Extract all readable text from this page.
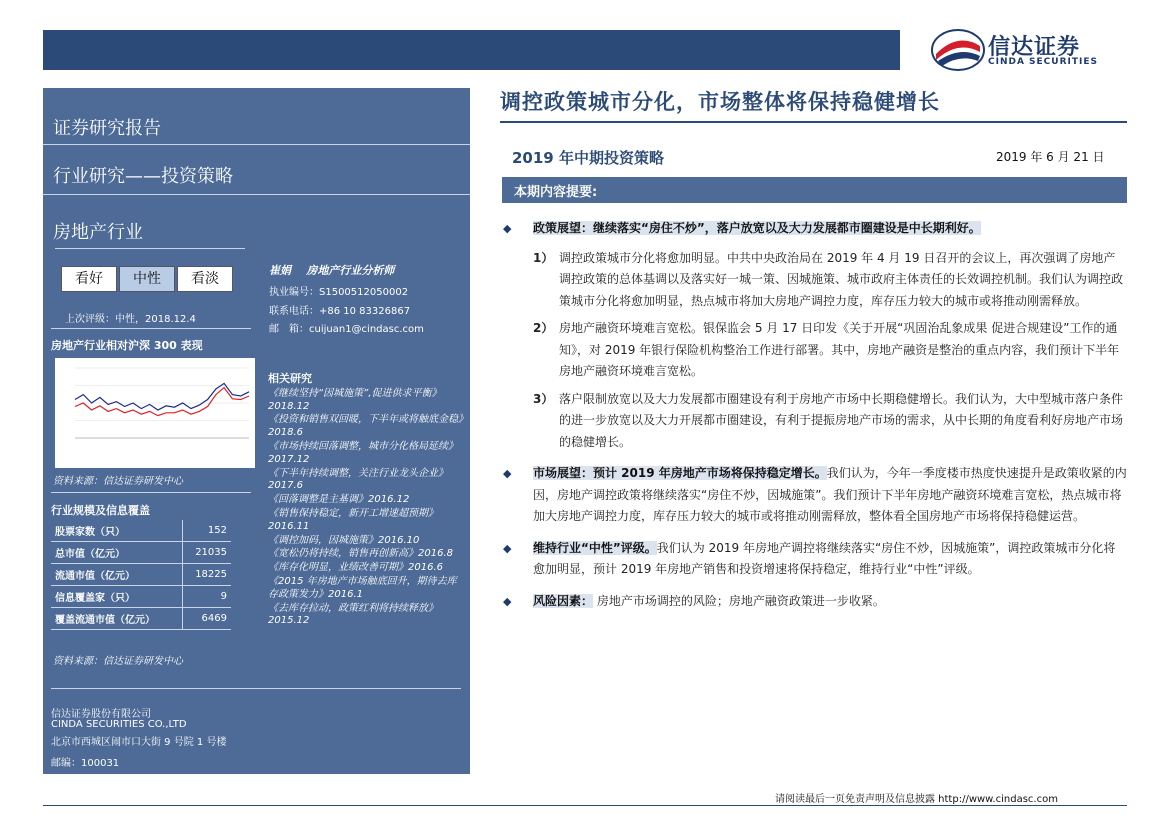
信达证券
CINDA SECURITIES
证券研究报告
行业研究——投资策略
房地产行业
看好	中性	看淡
上次评级：中性，2018.12.4
房地产行业相对沪深 300 表现
资料来源：信达证券研发中心
行业规模及信息覆盖
股票家数（只）	152
总市值（亿元）	21035
流通市值（亿元）	18225
信息覆盖家（只）	9
覆盖流通市值（亿元）	6469
资料来源：信达证券研发中心
崔娟 房地产行业分析师
执业编号：S1500512050002
联系电话：+86 10 83326867
邮　箱：cuijuan1@cindasc.com
相关研究
《继续坚持“因城施策”,促进供求平衡》2018.12
《投资和销售双回暖，下半年或将触底金稳》2018.6
《市场持续回落调整，城市分化格局延续》2017.12
《下半年持续调整，关注行业龙头企业》2017.6
《回落调整是主基调》2016.12
《销售保持稳定，新开工增速超预期》2016.11
《调控加码，因城施策》2016.10
《宽松仍将持续，销售再创新高》2016.8
《库存化明显，业绩改善可期》2016.6
《2015 年房地产市场触底回升，期待去库存政策发力》2016.1
《去库存拉动，政策红利将持续释放》2015.12
信达证券股份有限公司
CINDA SECURITIES CO.,LTD
北京市西城区闹市口大街 9 号院 1 号楼
邮编：100031
调控政策城市分化，市场整体将保持稳健增长
2019 年中期投资策略	2019 年 6 月 21 日
本期内容提要:
◆ 政策展望：继续落实“房住不炒”，落户放宽以及大力发展都市圈建设是中长期利好。
1） 调控政策城市分化将愈加明显。中共中央政治局在 2019 年 4 月 19 日召开的会议上，再次强调了房地产调控政策的总体基调以及落实好一城一策、因城施策、城市政府主体责任的长效调控机制。我们认为调控政策城市分化将愈加明显，热点城市将加大房地产调控力度，库存压力较大的城市或将推动刚需释放。
2） 房地产融资环境难言宽松。银保监会 5 月 17 日印发《关于开展“巩固治乱象成果 促进合规建设”工作的通知》，对 2019 年银行保险机构整治工作进行部署。其中，房地产融资是整治的重点内容，我们预计下半年房地产融资环境难言宽松。
3） 落户限制放宽以及大力发展都市圈建设有利于房地产市场中长期稳健增长。我们认为，大中型城市落户条件的进一步放宽以及大力开展都市圈建设，有利于提振房地产市场的需求，从中长期的角度看利好房地产市场的稳健增长。
◆ 市场展望：预计 2019 年房地产市场将保持稳定增长。我们认为，今年一季度楼市热度快速提升是政策收紧的内因，房地产调控政策将继续落实“房住不炒，因城施策”。我们预计下半年房地产融资环境难言宽松，热点城市将加大房地产调控力度，库存压力较大的城市或将推动刚需释放，整体看全国房地产市场将保持稳健运营。
◆ 维持行业“中性”评级。我们认为 2019 年房地产调控将继续落实“房住不炒，因城施策”，调控政策城市分化将愈加明显，预计 2019 年房地产销售和投资增速将保持稳定，维持行业“中性”评级。
◆ 风险因素： 房地产市场调控的风险；房地产融资政策进一步收紧。
请阅读最后一页免责声明及信息披露 http://www.cindasc.com
